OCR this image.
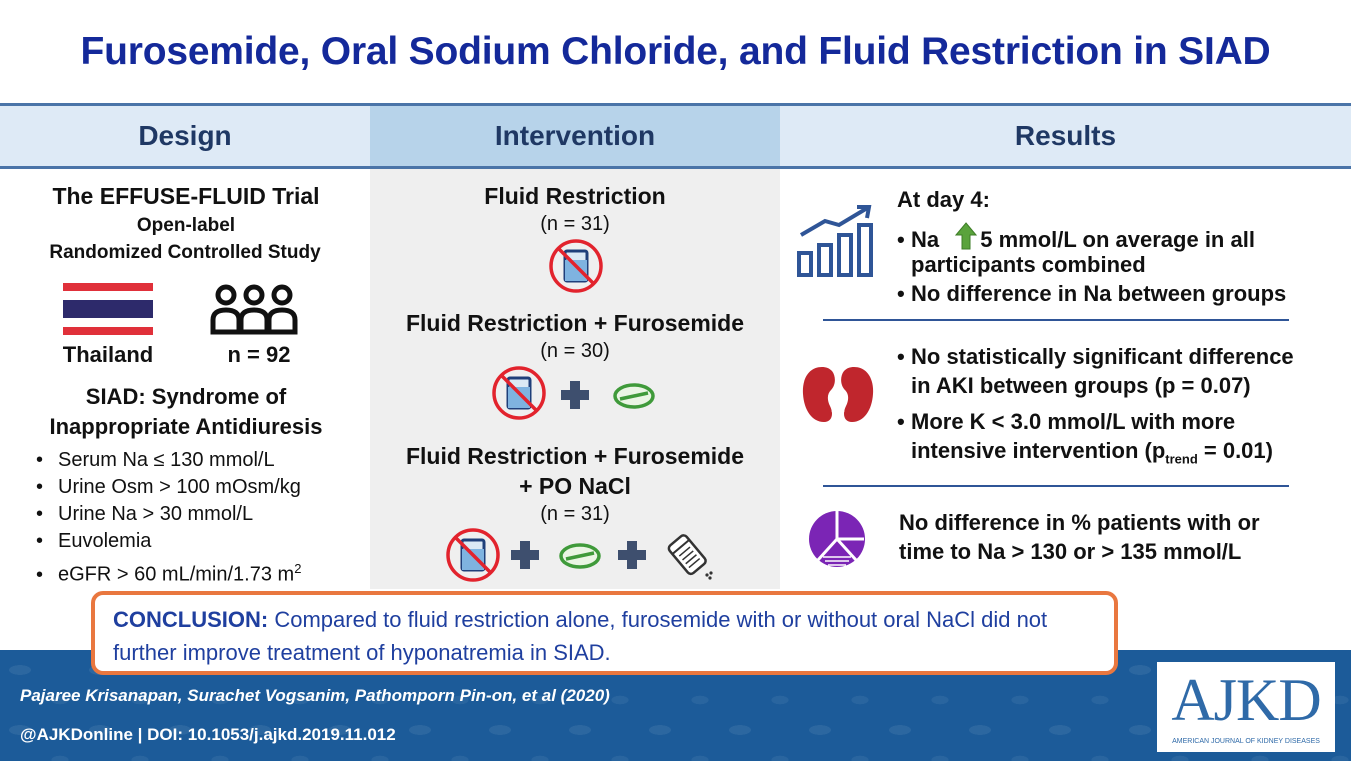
Furosemide, Oral Sodium Chloride, and Fluid Restriction in SIAD
Design	Intervention	Results
The EFFUSE-FLUID Trial
Open-label
Randomized Controlled Study
Thailand	n = 92
SIAD: Syndrome of
Inappropriate Antidiuresis
• Serum Na ≤ 130 mmol/L
• Urine Osm > 100 mOsm/kg
• Urine Na > 30 mmol/L
• Euvolemia
• eGFR > 60 mL/min/1.73 $m^2$
Fluid Restriction
(n = 31)
Fluid Restriction + Furosemide
(n = 30)
Fluid Restriction + Furosemide
+ PO NaCl
(n = 31)
At day 4:
• Na 5 mmol/L on average in all
participants combined
• No difference in Na between groups
• No statistically significant difference
in AKI between groups (p = 0.07)
• More K < 3.0 mmol/L with more
intensive intervention $(p_{trend} = 0.01)$
No difference in % patients with or
time to Na > 130 or > 135 mmol/L
Pajaree Krisanapan, Surachet Vogsanim, Pathomporn Pin-on, et al (2020)
@AJKDonline | DOI: 10.1053/j.ajkd.2019.11.012
AJKD
AMERICAN JOURNAL OF KIDNEY DISEASES
CONCLUSION: Compared to fluid restriction alone, furosemide with or without oral NaCl did not further improve treatment of hyponatremia in SIAD.
